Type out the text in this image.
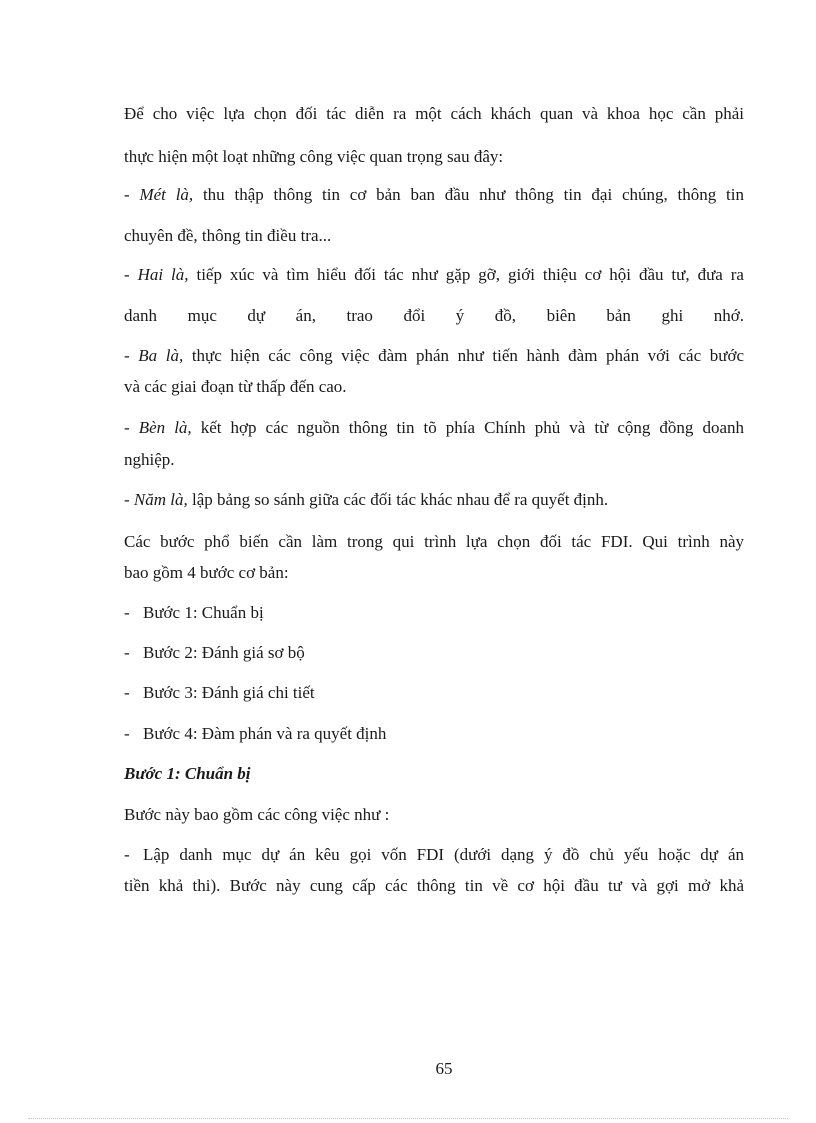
Để cho việc lựa chọn đối tác diễn ra một cách khách quan và khoa học cần phải
thực hiện một loạt những công việc quan trọng sau đây:
- Mét là, thu thập thông tin cơ bản ban đầu như thông tin đại chúng, thông tin
chuyên đề, thông tin điều tra...
- Hai là, tiếp xúc và tìm hiểu đối tác như gặp gỡ, giới thiệu cơ hội đầu tư, đưa ra
danh mục dự án, trao đổi ý đồ, biên bản ghi nhớ.
- Ba là, thực hiện các công việc đàm phán như tiến hành đàm phán với các bước
và các giai đoạn từ thấp đến cao.
- Bèn là, kết hợp các nguồn thông tin tõ phía Chính phủ và từ cộng đồng doanh
nghiệp.
- Năm là, lập bảng so sánh giữa các đối tác khác nhau để ra quyết định.
Các bước phổ biến cần làm trong qui trình lựa chọn đối tác FDI. Qui trình này
bao gồm 4 bước cơ bản:
- Bước 1: Chuẩn bị
- Bước 2: Đánh giá sơ bộ
- Bước 3: Đánh giá chi tiết
- Bước 4: Đàm phán và ra quyết định
Bước 1: Chuẩn bị
Bước này bao gồm các công việc như :
- Lập danh mục dự án kêu gọi vốn FDI (dưới dạng ý đồ chủ yếu hoặc dự án
tiền khả thi). Bước này cung cấp các thông tin về cơ hội đầu tư và gợi mở khả
65
